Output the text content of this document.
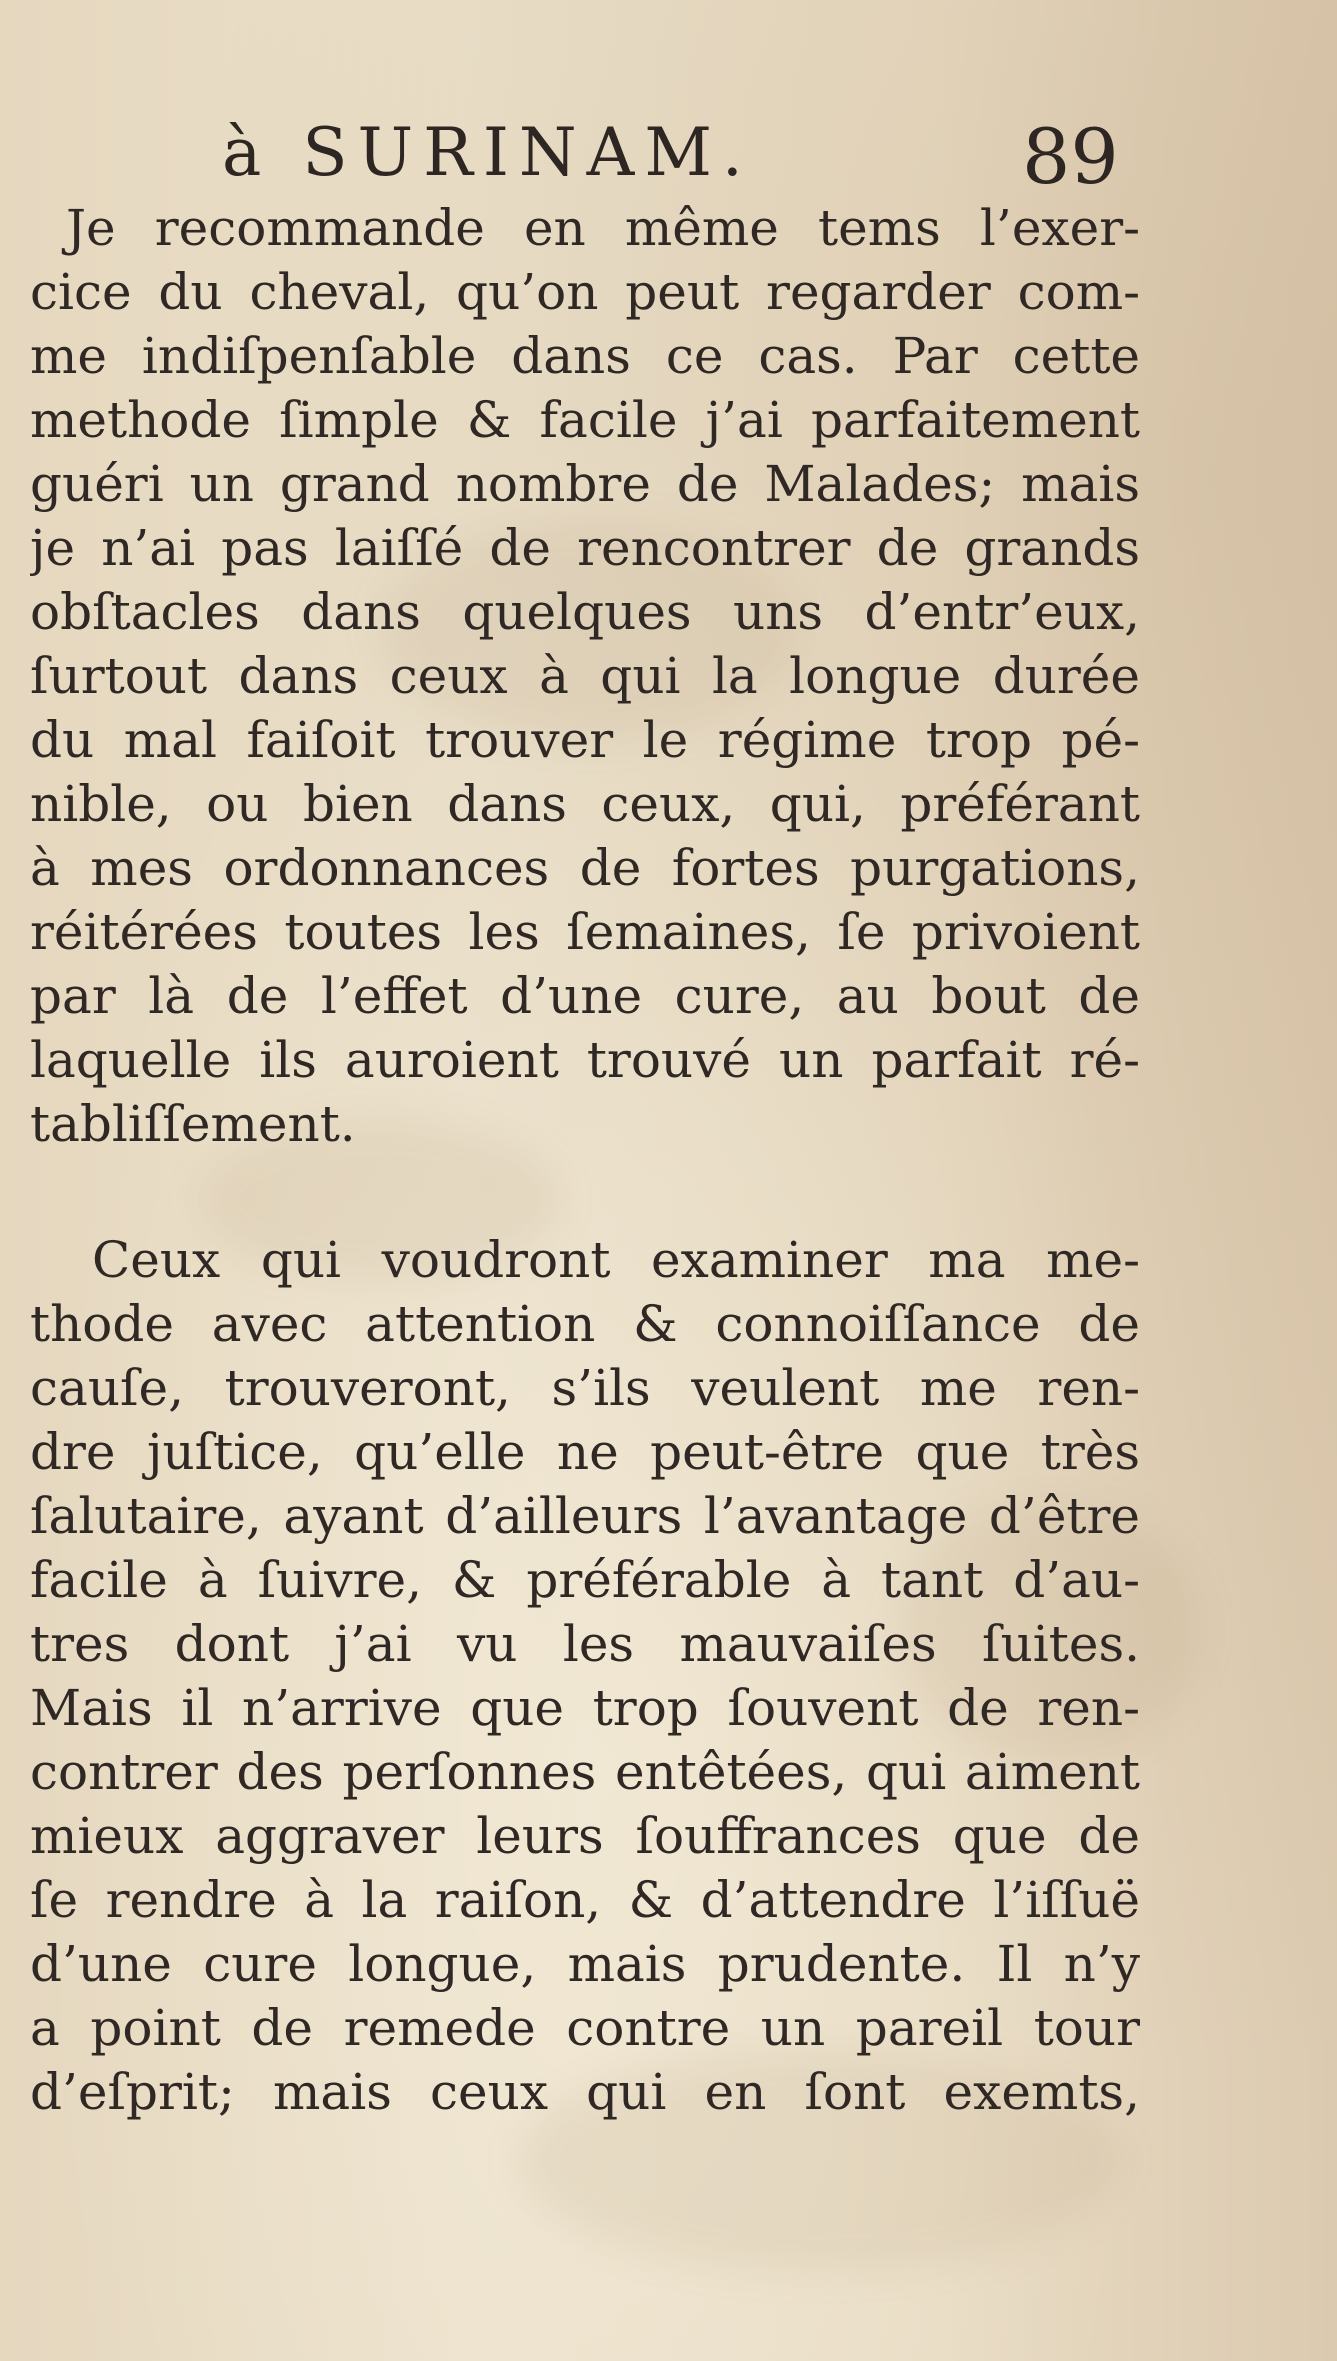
à SURINAM.	89
Je recommande en même tems l’exer-
cice du cheval, qu’on peut regarder com-
me indiſpenſable dans ce cas. Par cette
methode ſimple & facile j’ai parfaitement
guéri un grand nombre de Malades; mais
je n’ai pas laiſſé de rencontrer de grands
obſtacles dans quelques uns d’entr’eux,
ſurtout dans ceux à qui la longue durée
du mal faiſoit trouver le régime trop pé-
nible, ou bien dans ceux, qui, préférant
à mes ordonnances de fortes purgations,
réitérées toutes les ſemaines, ſe privoient
par là de l’effet d’une cure, au bout de
laquelle ils auroient trouvé un parfait ré-
tabliſſement.
Ceux qui voudront examiner ma me-
thode avec attention & connoiſſance de
cauſe, trouveront, s’ils veulent me ren-
dre juſtice, qu’elle ne peut-être que très
ſalutaire, ayant d’ailleurs l’avantage d’être
facile à ſuivre, & préférable à tant d’au-
tres dont j’ai vu les mauvaiſes ſuites.
Mais il n’arrive que trop ſouvent de ren-
contrer des perſonnes entêtées, qui aiment
mieux aggraver leurs ſouffrances que de
ſe rendre à la raiſon, & d’attendre l’iſſuë
d’une cure longue, mais prudente. Il n’y
a point de remede contre un pareil tour
d’eſprit; mais ceux qui en ſont exemts,
